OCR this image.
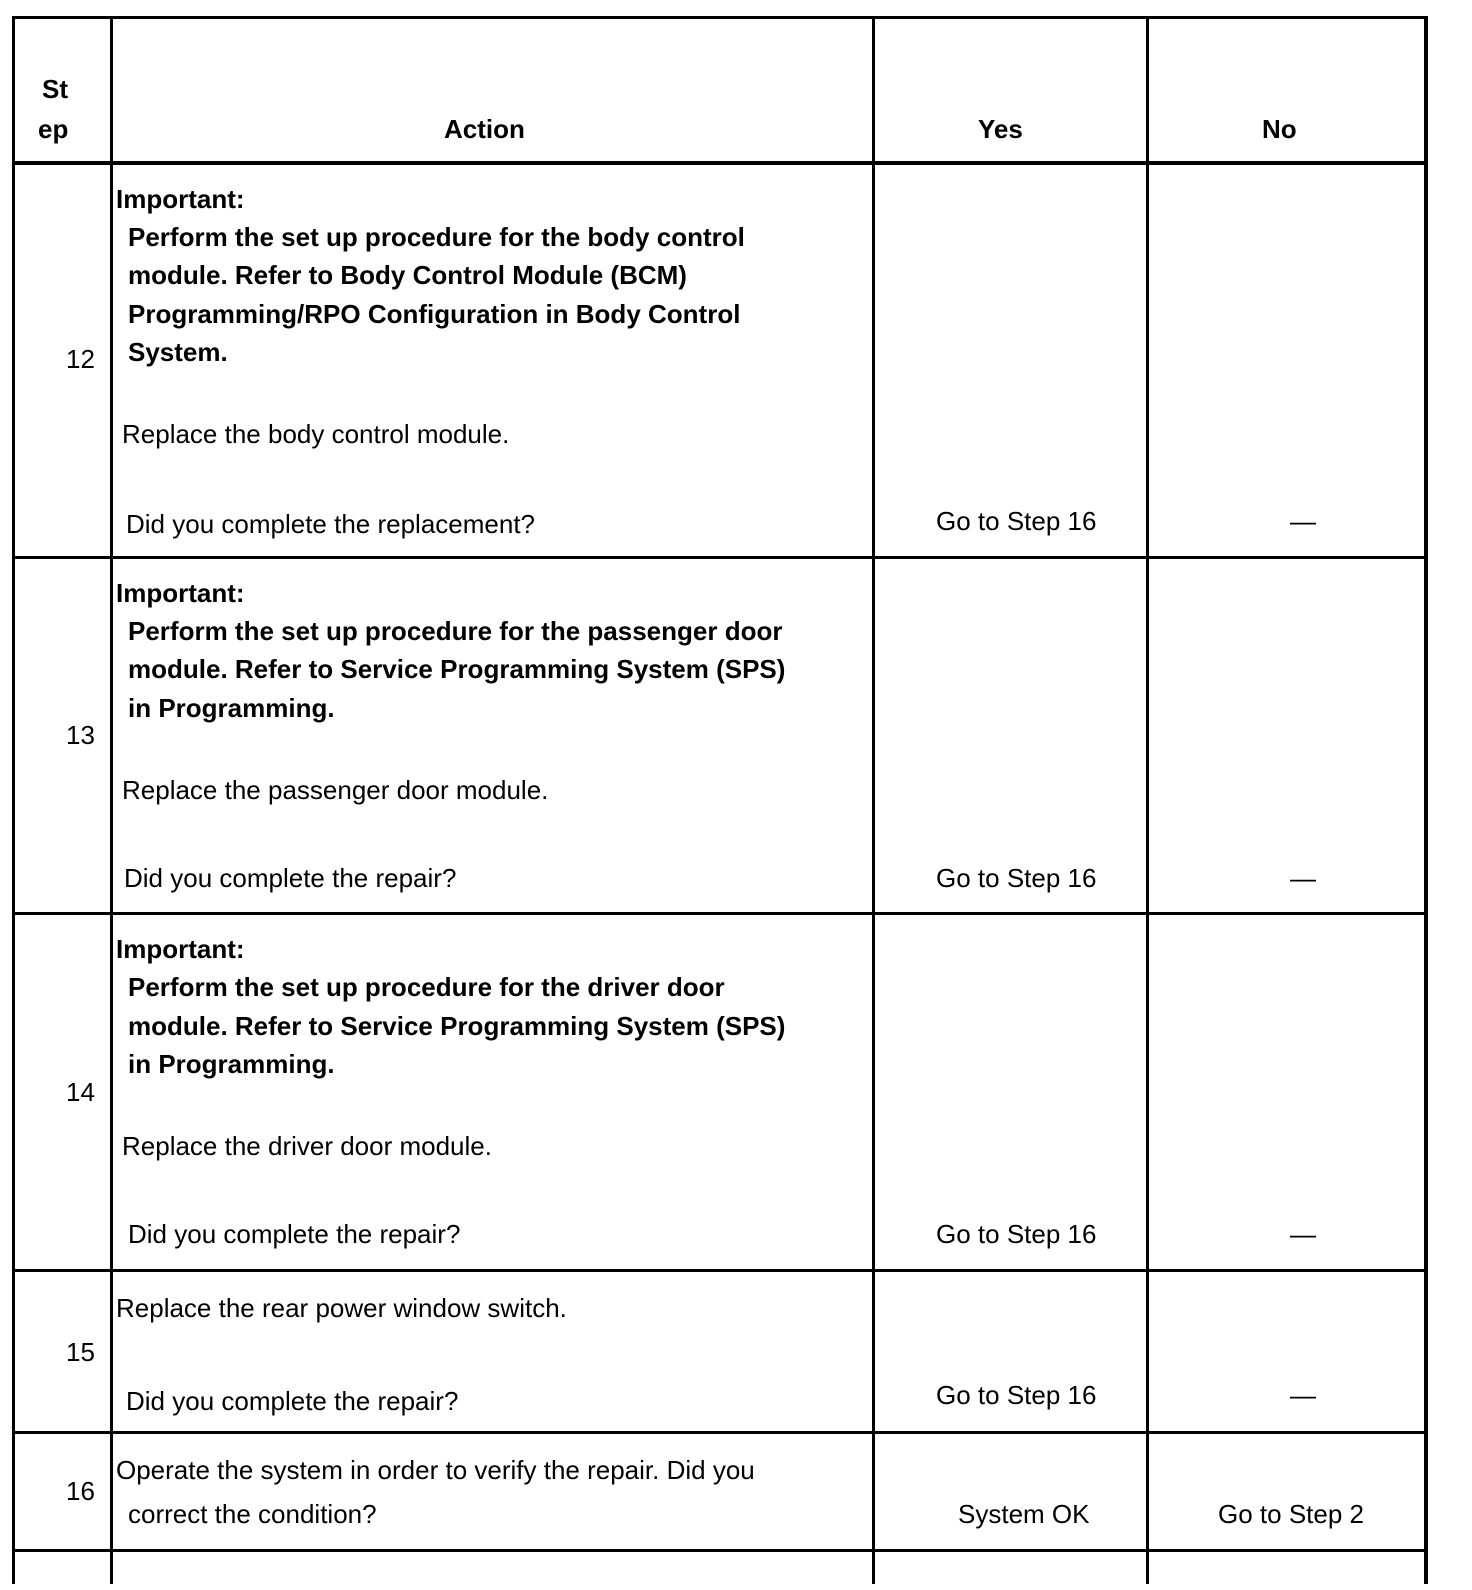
St
ep	Action	Yes	No
12
Important:
Perform the set up procedure for the body control
module. Refer to Body Control Module (BCM)
Programming/RPO Configuration in Body Control
System.
Replace the body control module.
Did you complete the replacement?	Go to Step 16	—
13
Important:
Perform the set up procedure for the passenger door
module. Refer to Service Programming System (SPS)
in Programming.
Replace the passenger door module.
Did you complete the repair?	Go to Step 16	—
14
Important:
Perform the set up procedure for the driver door
module. Refer to Service Programming System (SPS)
in Programming.
Replace the driver door module.
Did you complete the repair?	Go to Step 16	—
15
Replace the rear power window switch.
Did you complete the repair?	Go to Step 16	—
16
Operate the system in order to verify the repair. Did you
correct the condition?	System OK	Go to Step 2
